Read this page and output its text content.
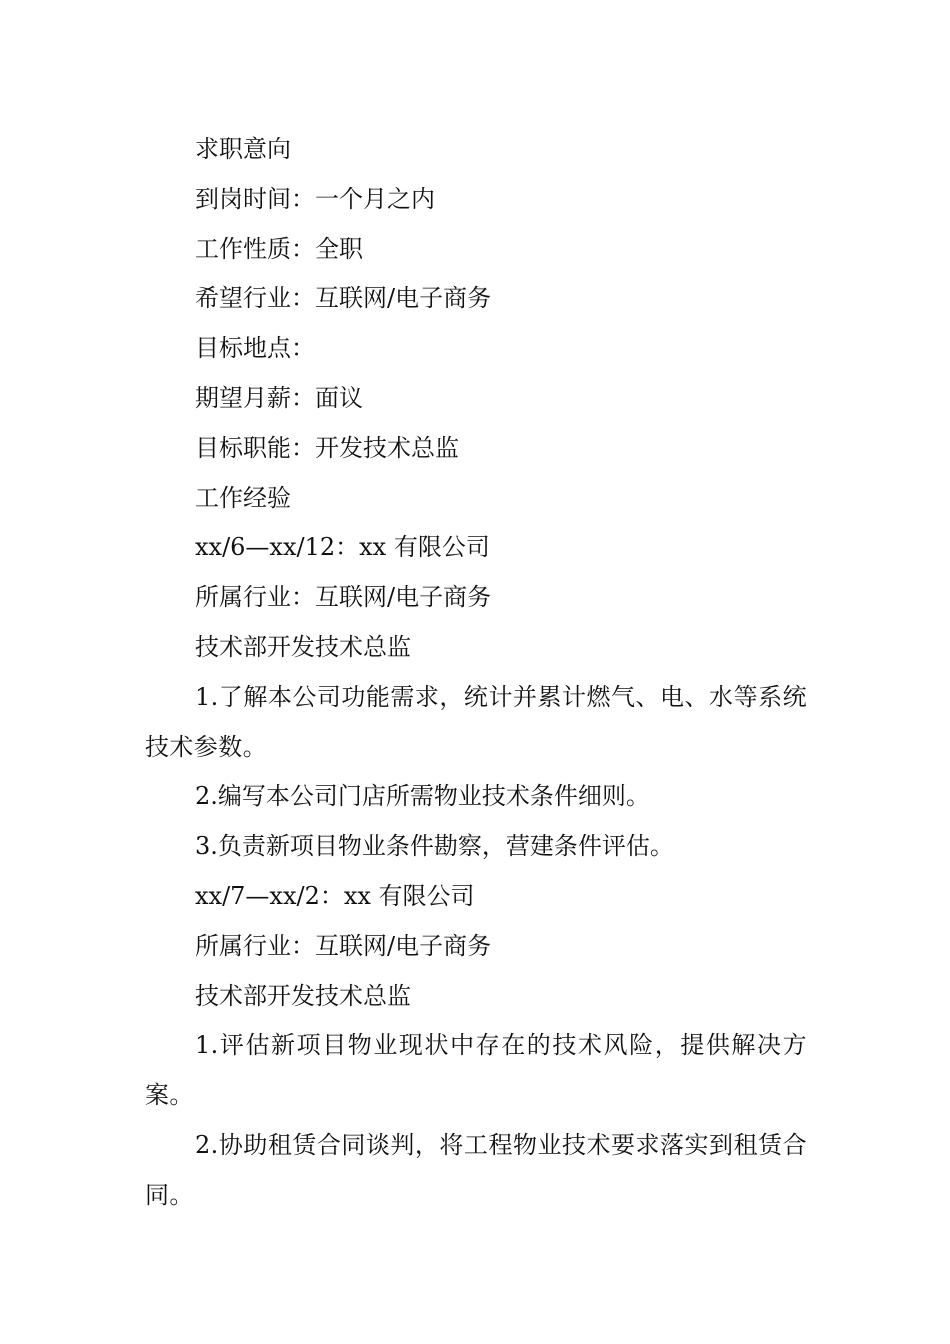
求职意向

到岗时间：一个月之内

工作性质：全职

希望行业：互联网/电子商务

目标地点：

期望月薪：面议

目标职能：开发技术总监

工作经验

xx/6—xx/12：xx 有限公司

所属行业：互联网/电子商务

技术部开发技术总监

1.了解本公司功能需求，统计并累计燃气、电、水等系统技术参数。

2.编写本公司门店所需物业技术条件细则。

3.负责新项目物业条件勘察，营建条件评估。

xx/7—xx/2：xx 有限公司

所属行业：互联网/电子商务

技术部开发技术总监

1.评估新项目物业现状中存在的技术风险，提供解决方案。

2.协助租赁合同谈判，将工程物业技术要求落实到租赁合同。
